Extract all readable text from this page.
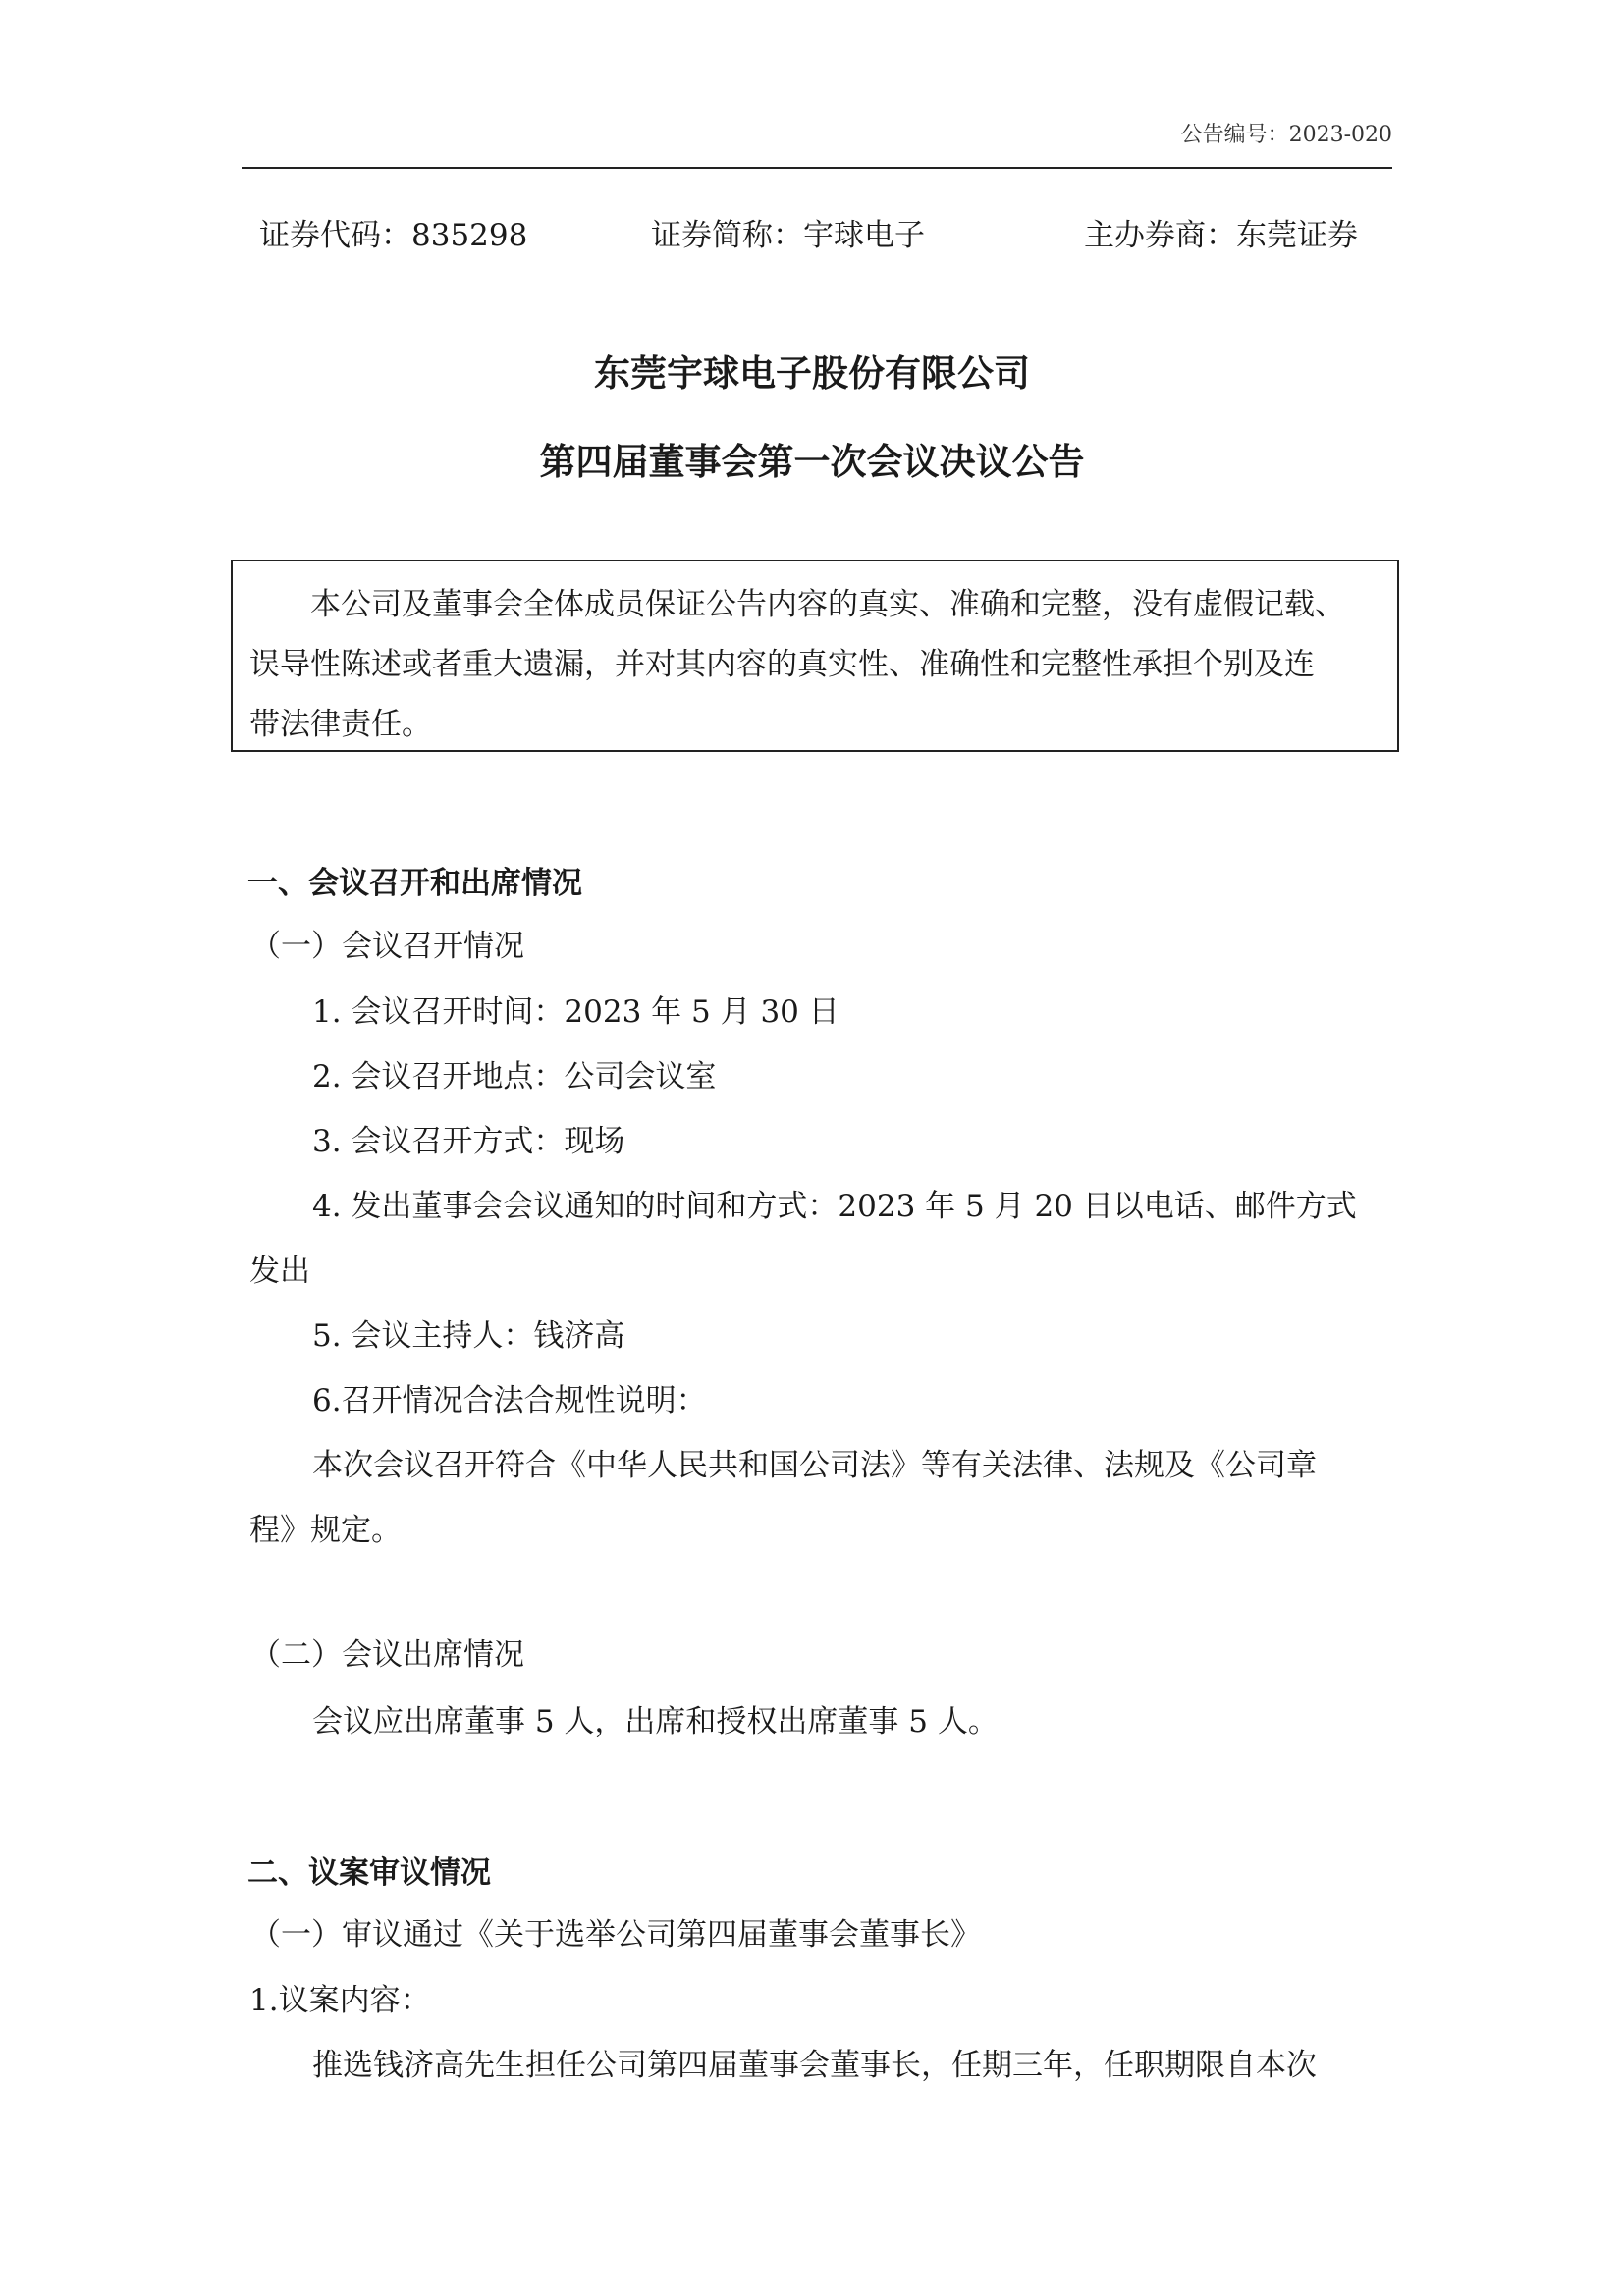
公告编号：2023-020
证券代码：835298	证券简称：宇球电子	主办券商：东莞证券
东莞宇球电子股份有限公司
第四届董事会第一次会议决议公告
本公司及董事会全体成员保证公告内容的真实、准确和完整，没有虚假记载、
误导性陈述或者重大遗漏，并对其内容的真实性、准确性和完整性承担个别及连
带法律责任。
一、会议召开和出席情况
（一）会议召开情况
1. 会议召开时间：2023 年 5 月 30 日
2. 会议召开地点：公司会议室
3. 会议召开方式：现场
4. 发出董事会会议通知的时间和方式：2023 年 5 月 20 日以电话、邮件方式
发出
5. 会议主持人：钱济高
6.召开情况合法合规性说明：
本次会议召开符合《中华人民共和国公司法》等有关法律、法规及《公司章
程》规定。
（二）会议出席情况
会议应出席董事 5 人，出席和授权出席董事 5 人。
二、议案审议情况
（一）审议通过《关于选举公司第四届董事会董事长》
1.议案内容：
推选钱济高先生担任公司第四届董事会董事长，任期三年，任职期限自本次
